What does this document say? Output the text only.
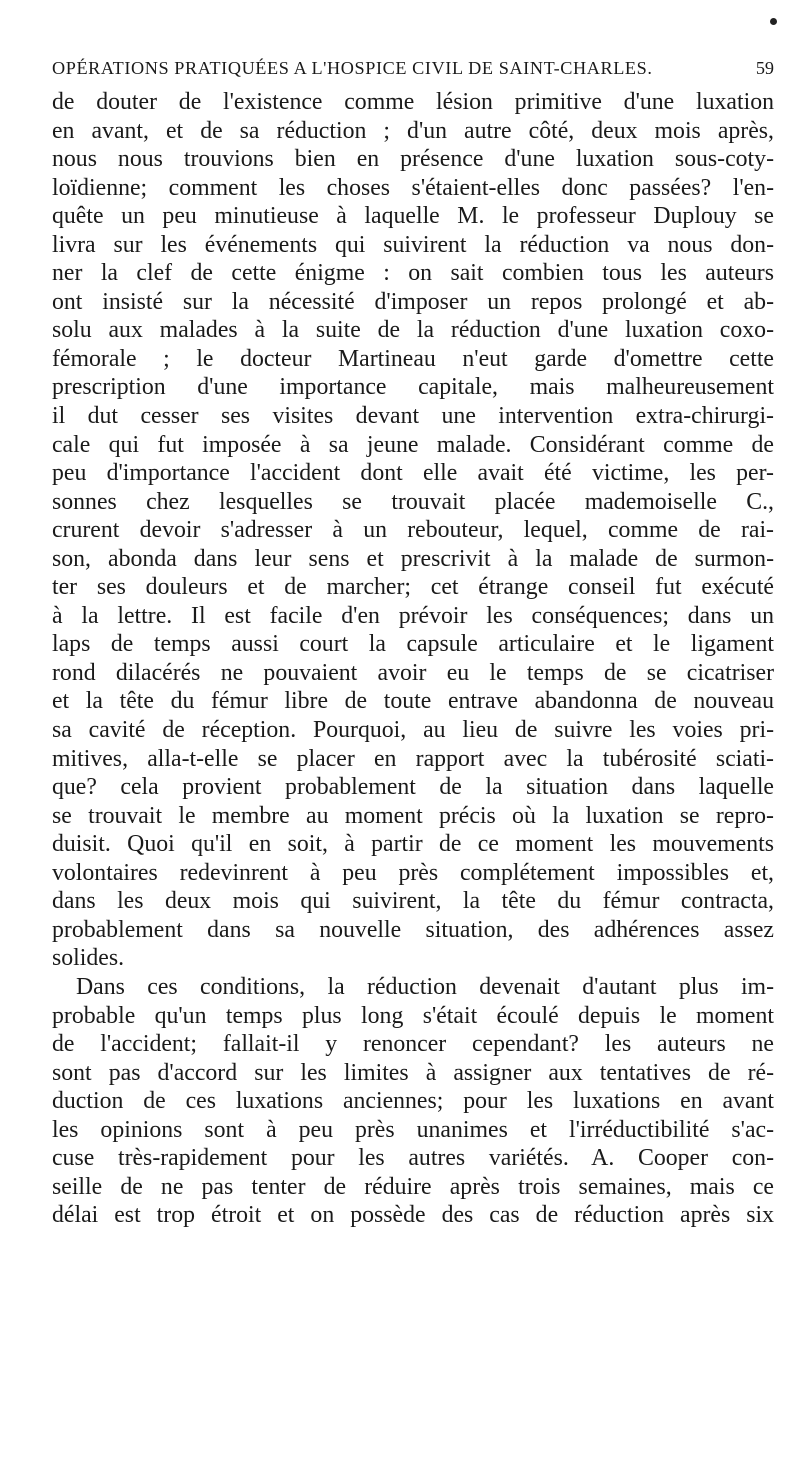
OPÉRATIONS PRATIQUÉES A L'HOSPICE CIVIL DE SAINT-CHARLES.	59
de douter de l'existence comme lésion primitive d'une luxation
en avant, et de sa réduction ; d'un autre côté, deux mois après,
nous nous trouvions bien en présence d'une luxation sous-coty-
loïdienne; comment les choses s'étaient-elles donc passées? l'en-
quête un peu minutieuse à laquelle M. le professeur Duplouy se
livra sur les événements qui suivirent la réduction va nous don-
ner la clef de cette énigme : on sait combien tous les auteurs
ont insisté sur la nécessité d'imposer un repos prolongé et ab-
solu aux malades à la suite de la réduction d'une luxation coxo-
fémorale ; le docteur Martineau n'eut garde d'omettre cette
prescription d'une importance capitale, mais malheureusement
il dut cesser ses visites devant une intervention extra-chirurgi-
cale qui fut imposée à sa jeune malade. Considérant comme de
peu d'importance l'accident dont elle avait été victime, les per-
sonnes chez lesquelles se trouvait placée mademoiselle C.,
crurent devoir s'adresser à un rebouteur, lequel, comme de rai-
son, abonda dans leur sens et prescrivit à la malade de surmon-
ter ses douleurs et de marcher; cet étrange conseil fut exécuté
à la lettre. Il est facile d'en prévoir les conséquences; dans un
laps de temps aussi court la capsule articulaire et le ligament
rond dilacérés ne pouvaient avoir eu le temps de se cicatriser
et la tête du fémur libre de toute entrave abandonna de nouveau
sa cavité de réception. Pourquoi, au lieu de suivre les voies pri-
mitives, alla-t-elle se placer en rapport avec la tubérosité sciati-
que? cela provient probablement de la situation dans laquelle
se trouvait le membre au moment précis où la luxation se repro-
duisit. Quoi qu'il en soit, à partir de ce moment les mouvements
volontaires redevinrent à peu près complétement impossibles et,
dans les deux mois qui suivirent, la tête du fémur contracta,
probablement dans sa nouvelle situation, des adhérences assez
solides.
Dans ces conditions, la réduction devenait d'autant plus im-
probable qu'un temps plus long s'était écoulé depuis le moment
de l'accident; fallait-il y renoncer cependant? les auteurs ne
sont pas d'accord sur les limites à assigner aux tentatives de ré-
duction de ces luxations anciennes; pour les luxations en avant
les opinions sont à peu près unanimes et l'irréductibilité s'ac-
cuse très-rapidement pour les autres variétés. A. Cooper con-
seille de ne pas tenter de réduire après trois semaines, mais ce
délai est trop étroit et on possède des cas de réduction après six
